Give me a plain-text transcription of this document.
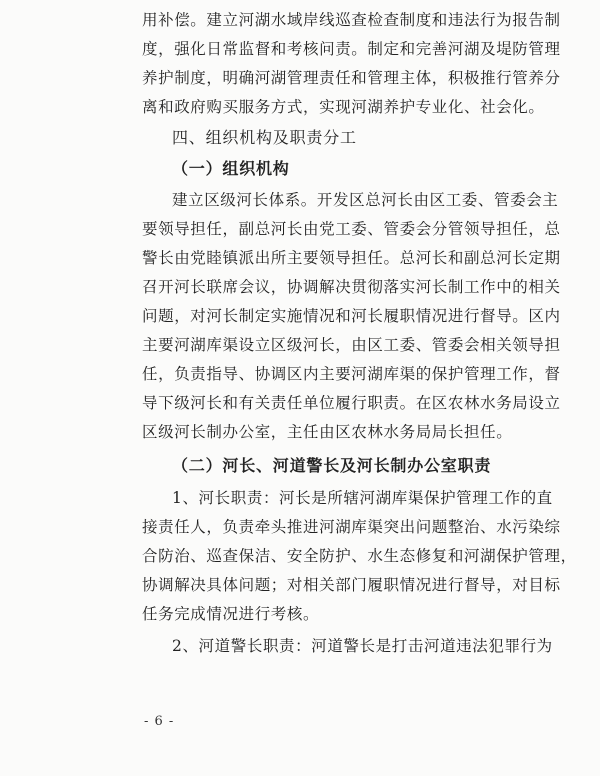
用补偿。建立河湖水域岸线巡查检查制度和违法行为报告制
度，强化日常监督和考核问责。制定和完善河湖及堤防管理
养护制度，明确河湖管理责任和管理主体，积极推行管养分
离和政府购买服务方式，实现河湖养护专业化、社会化。
四、组织机构及职责分工
（一）组织机构
建立区级河长体系。开发区总河长由区工委、管委会主
要领导担任，副总河长由党工委、管委会分管领导担任，总
警长由党睦镇派出所主要领导担任。总河长和副总河长定期
召开河长联席会议，协调解决贯彻落实河长制工作中的相关
问题，对河长制定实施情况和河长履职情况进行督导。区内
主要河湖库渠设立区级河长，由区工委、管委会相关领导担
任，负责指导、协调区内主要河湖库渠的保护管理工作，督
导下级河长和有关责任单位履行职责。在区农林水务局设立
区级河长制办公室，主任由区农林水务局局长担任。
（二）河长、河道警长及河长制办公室职责
1、河长职责：河长是所辖河湖库渠保护管理工作的直
接责任人，负责牵头推进河湖库渠突出问题整治、水污染综
合防治、巡查保洁、安全防护、水生态修复和河湖保护管理，
协调解决具体问题；对相关部门履职情况进行督导，对目标
任务完成情况进行考核。
2、河道警长职责：河道警长是打击河道违法犯罪行为
- 6 -
